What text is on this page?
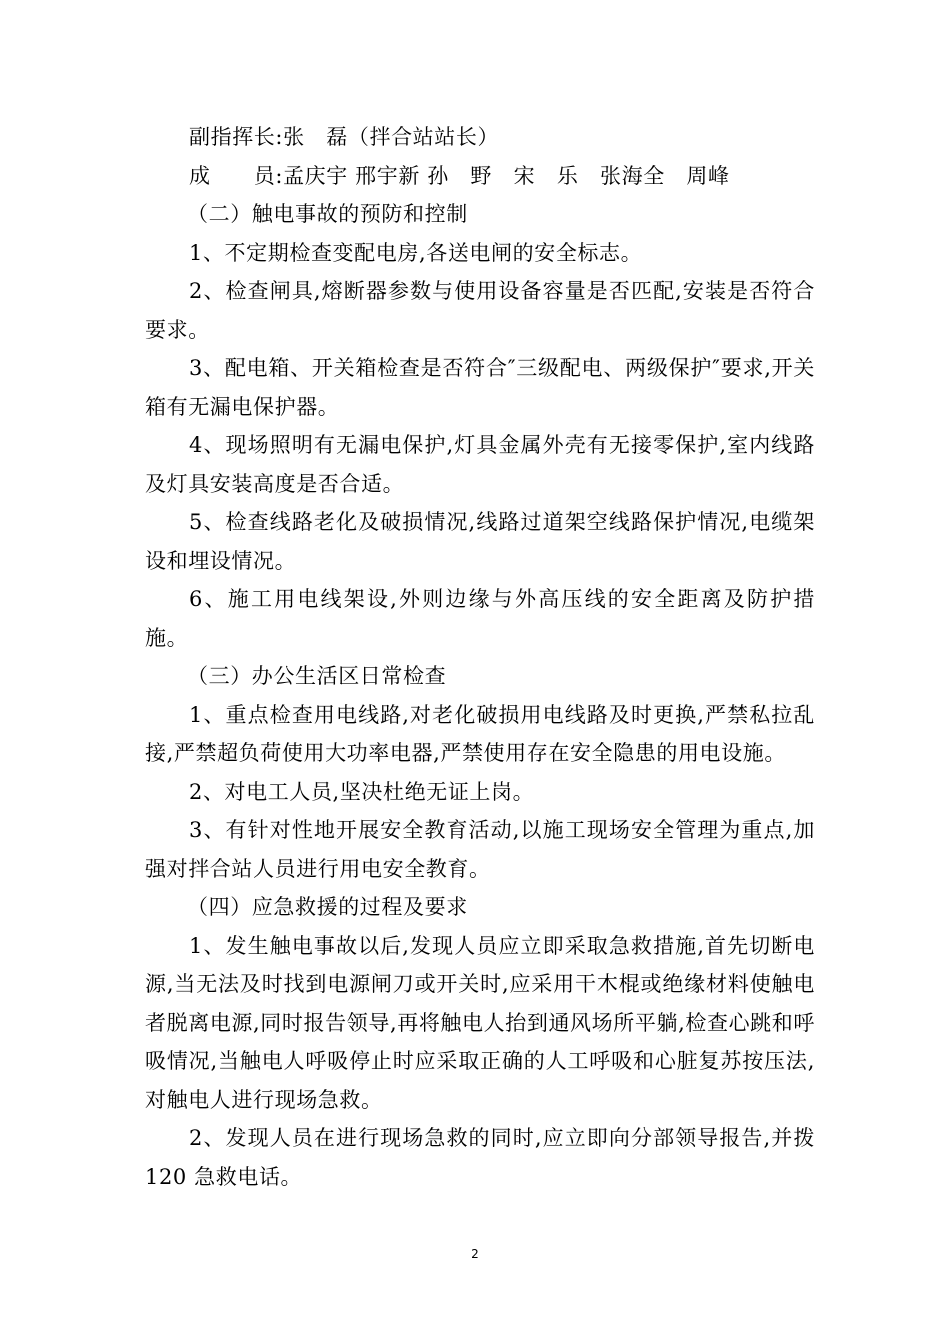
副指挥长:张　磊（拌合站站长）

成　　员:孟庆宇 邢宇新 孙　野　宋　乐　张海全　周峰

（二）触电事故的预防和控制

1、不定期检查变配电房,各送电闸的安全标志。

2、检查闸具,熔断器参数与使用设备容量是否匹配,安装是否符合要求。

3、配电箱、开关箱检查是否符合″三级配电、两级保护″要求,开关箱有无漏电保护器。

4、现场照明有无漏电保护,灯具金属外壳有无接零保护,室内线路及灯具安装高度是否合适。

5、检查线路老化及破损情况,线路过道架空线路保护情况,电缆架设和埋设情况。

6、施工用电线架设,外则边缘与外高压线的安全距离及防护措施。

（三）办公生活区日常检查

1、重点检查用电线路,对老化破损用电线路及时更换,严禁私拉乱接,严禁超负荷使用大功率电器,严禁使用存在安全隐患的用电设施。

2、对电工人员,坚决杜绝无证上岗。

3、有针对性地开展安全教育活动,以施工现场安全管理为重点,加强对拌合站人员进行用电安全教育。

（四）应急救援的过程及要求

1、发生触电事故以后,发现人员应立即采取急救措施,首先切断电源,当无法及时找到电源闸刀或开关时,应采用干木棍或绝缘材料使触电者脱离电源,同时报告领导,再将触电人抬到通风场所平躺,检查心跳和呼吸情况,当触电人呼吸停止时应采取正确的人工呼吸和心脏复苏按压法,对触电人进行现场急救。

2、发现人员在进行现场急救的同时,应立即向分部领导报告,并拨 120 急救电话。

2
